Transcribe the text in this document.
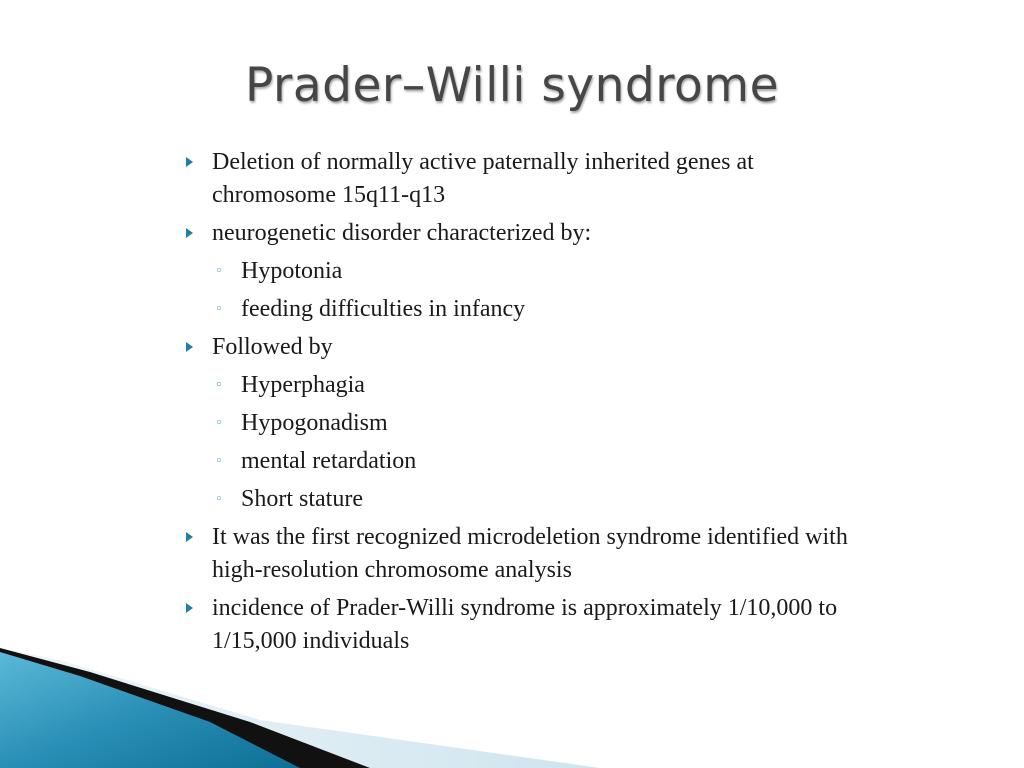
Prader–Willi syndrome
Deletion of normally active paternally inherited genes at
chromosome 15q11-q13
neurogenetic disorder characterized by:
◦ Hypotonia
◦ feeding difficulties in infancy
Followed by
◦ Hyperphagia
◦ Hypogonadism
◦ mental retardation
◦ Short stature
It was the first recognized microdeletion syndrome identified with
high-resolution chromosome analysis
incidence of Prader-Willi syndrome is approximately 1/10,000 to
1/15,000 individuals
